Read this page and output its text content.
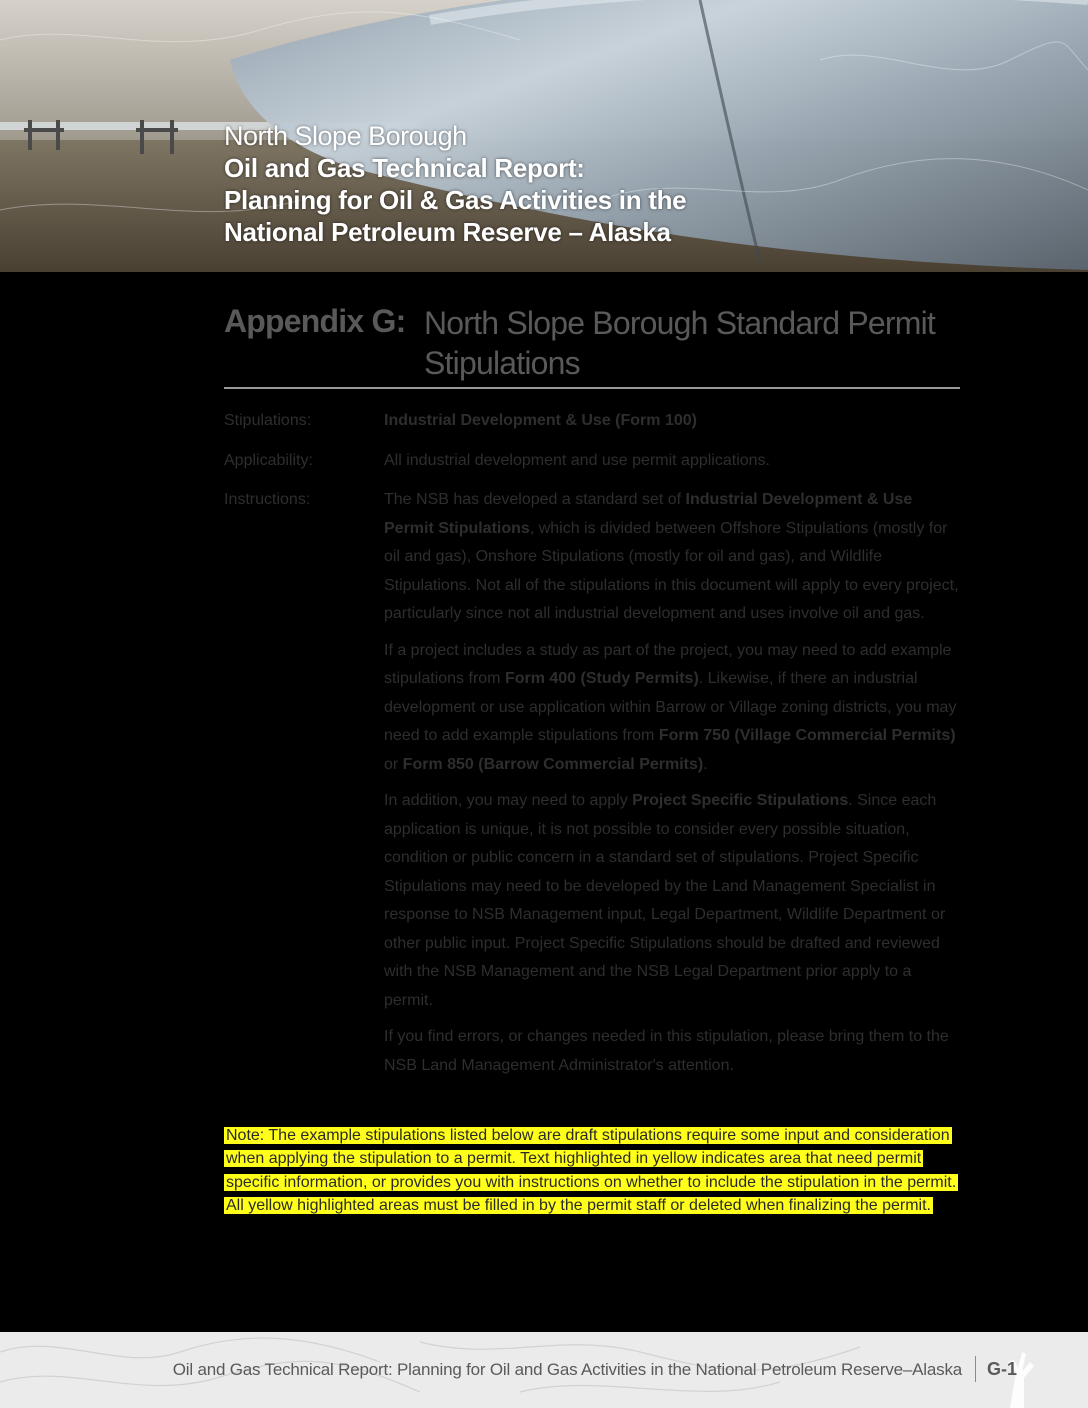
North Slope Borough
Oil and Gas Technical Report:
Planning for Oil & Gas Activities in the
National Petroleum Reserve – Alaska
Appendix G: North Slope Borough Standard Permit Stipulations
Stipulations:	Industrial Development & Use (Form 100)
Applicability:	All industrial development and use permit applications.
Instructions:	The NSB has developed a standard set of Industrial Development & Use Permit Stipulations, which is divided between Offshore Stipulations (mostly for oil and gas), Onshore Stipulations (mostly for oil and gas), and Wildlife Stipulations. Not all of the stipulations in this document will apply to every project, particularly since not all industrial development and uses involve oil and gas.

If a project includes a study as part of the project, you may need to add example stipulations from Form 400 (Study Permits). Likewise, if there an industrial development or use application within Barrow or Village zoning districts, you may need to add example stipulations from Form 750 (Village Commercial Permits) or Form 850 (Barrow Commercial Permits).

In addition, you may need to apply Project Specific Stipulations. Since each application is unique, it is not possible to consider every possible situation, condition or public concern in a standard set of stipulations. Project Specific Stipulations may need to be developed by the Land Management Specialist in response to NSB Management input, Legal Department, Wildlife Department or other public input. Project Specific Stipulations should be drafted and reviewed with the NSB Management and the NSB Legal Department prior apply to a permit.

If you find errors, or changes needed in this stipulation, please bring them to the NSB Land Management Administrator's attention.

Note: The example stipulations listed below are draft stipulations require some input and consideration when applying the stipulation to a permit. Text highlighted in yellow indicates area that need permit specific information, or provides you with instructions on whether to include the stipulation in the permit. All yellow highlighted areas must be filled in by the permit staff or deleted when finalizing the permit.
Oil and Gas Technical Report: Planning for Oil and Gas Activities in the National Petroleum Reserve–Alaska G-1
